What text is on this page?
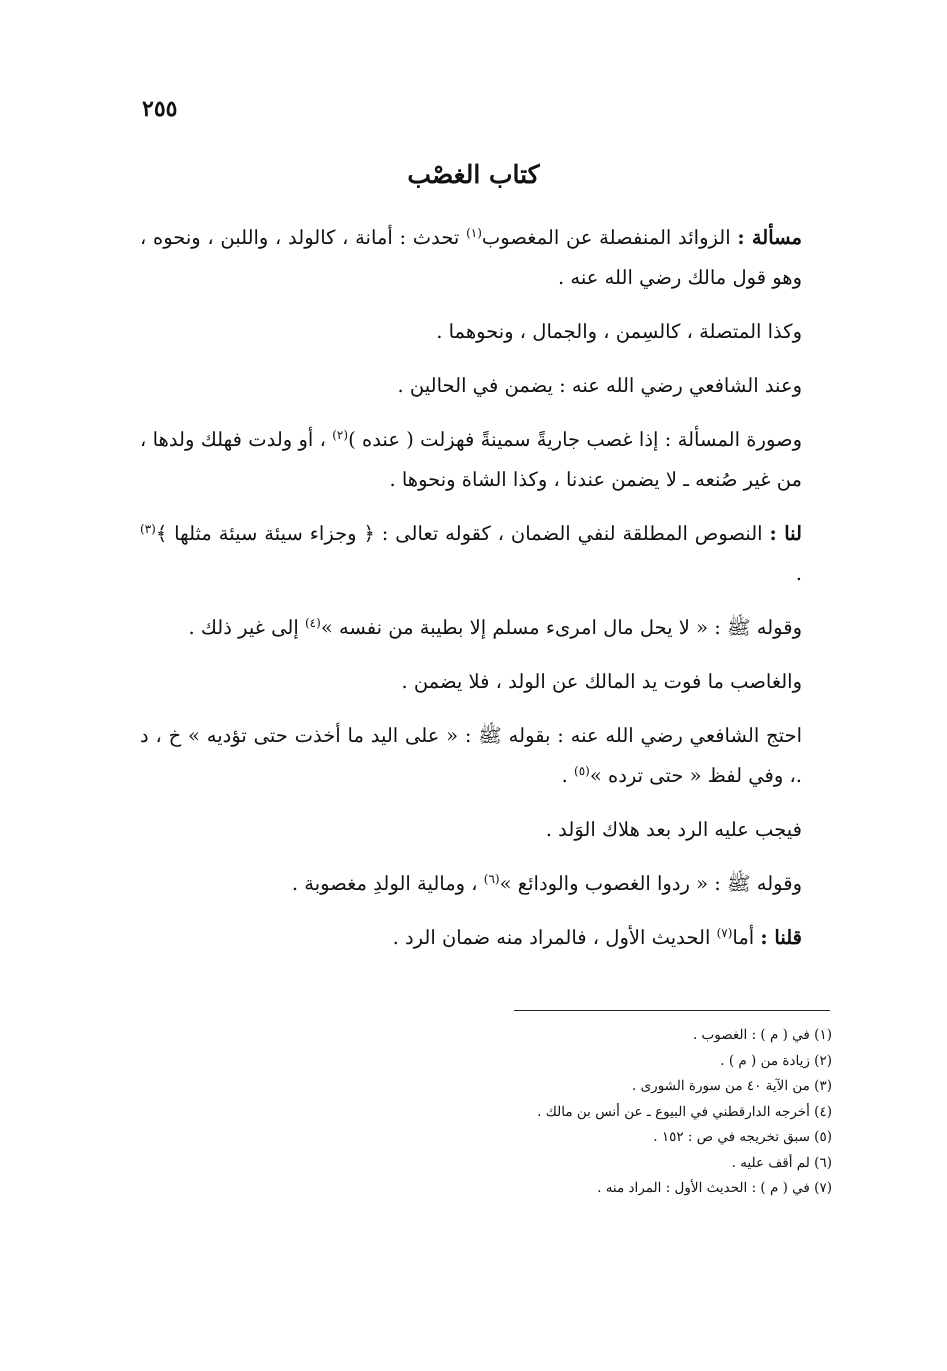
٢٥٥
كتاب الغصْب

مسألة : الزوائد المنفصلة عن المغصوب$^{(١)}$ تحدث : أمانة ، كالولد ، واللبن ، ونحوه ، وهو قول مالك رضي الله عنه .

وكذا المتصلة ، كالسِمن ، والجمال ، ونحوهما .

وعند الشافعي رضي الله عنه : يضمن في الحالين .

وصورة المسألة : إذا غصب جاريةً سمينةً فهزلت ( عنده )$^{(٢)}$ ، أو ولدت فهلك ولدها ، من غير صُنعه ـ لا يضمن عندنا ، وكذا الشاة ونحوها .

لنا : النصوص المطلقة لنفي الضمان ، كقوله تعالى : ﴿ وجزاء سيئة سيئة مثلها ﴾$^{(٣)}$ .

وقوله ﷺ : « لا يحل مال امرىء مسلم إلا بطيبة من نفسه »$^{(٤)}$ إلى غير ذلك .

والغاصب ما فوت يد المالك عن الولد ، فلا يضمن .

احتج الشافعي رضي الله عنه : بقوله ﷺ : « على اليد ما أخذت حتى تؤديه » خ ، د .، وفي لفظ « حتى ترده »$^{(٥)}$ .

فيجب عليه الرد بعد هلاك الوَلد .

وقوله ﷺ : « ردوا الغصوب والودائع »$^{(٦)}$ ، ومالية الولدِ مغصوبة .

قلنا : أما$^{(٧)}$ الحديث الأول ، فالمراد منه ضمان الرد .

(١) في ( م ) : الغصوب .

(٢) زيادة من ( م ) .

(٣) من الآية ٤٠ من سورة الشورى .

(٤) أخرجه الدارقطني في البيوع ـ عن أنس بن مالك .

(٥) سبق تخريجه في ص : ١٥٢ .

(٦) لم أقف عليه .

(٧) في ( م ) : الحديث الأول : المراد منه .
